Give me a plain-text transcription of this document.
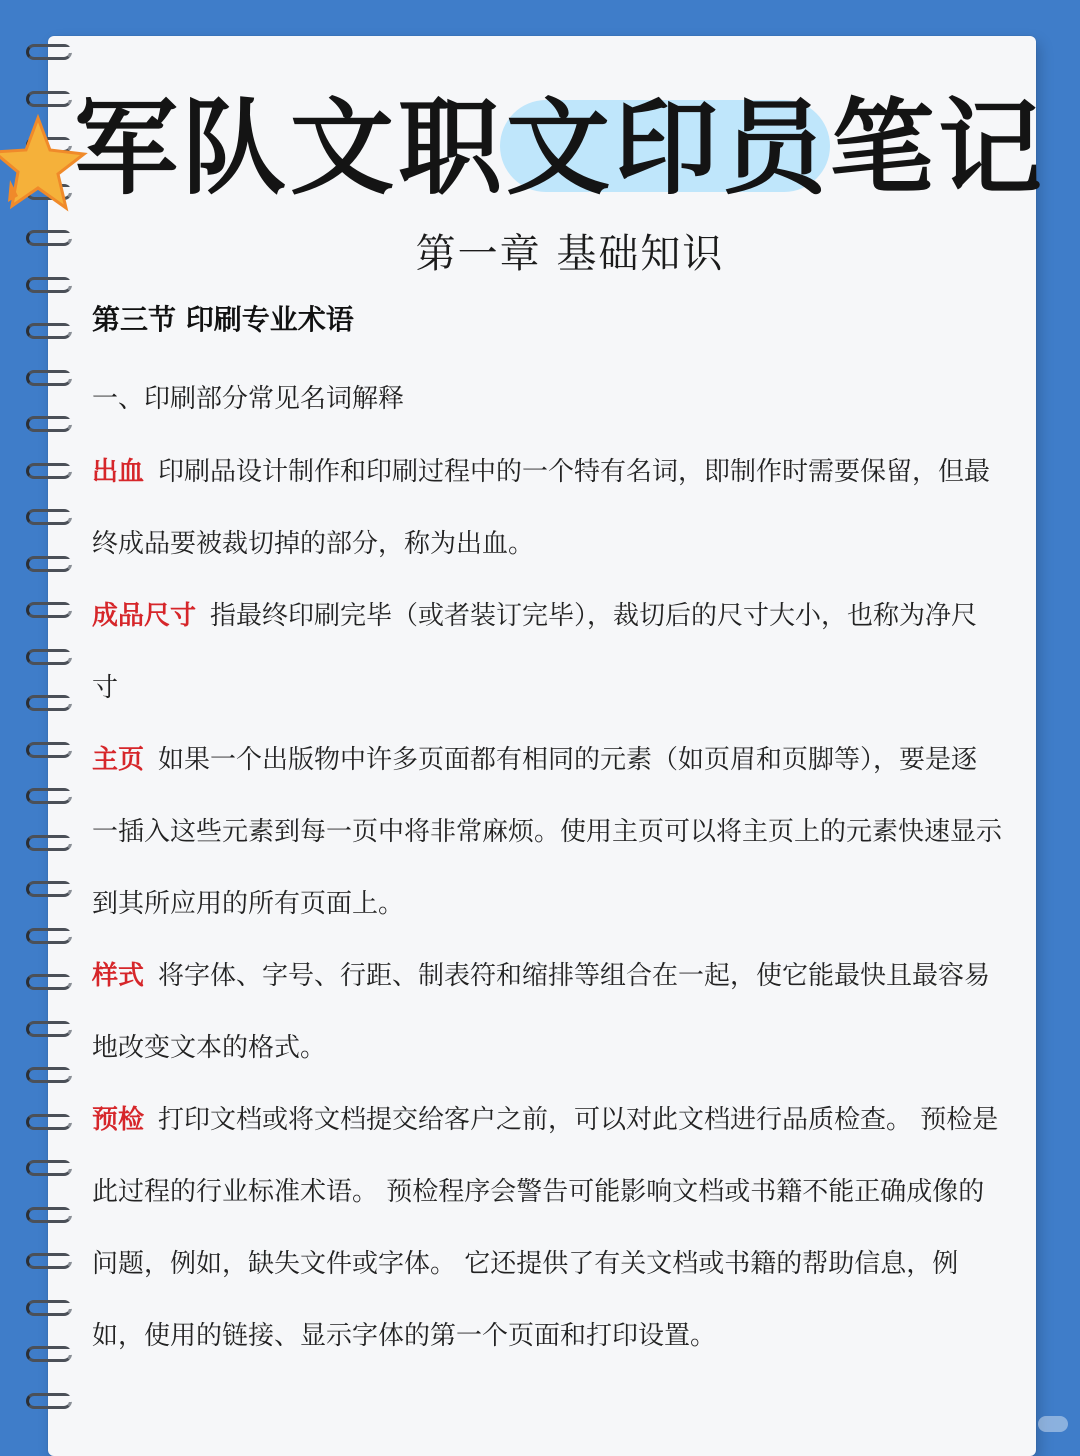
军队文职文印员笔记
第一章 基础知识
第三节 印刷专业术语
一、印刷部分常见名词解释

出血 印刷品设计制作和印刷过程中的一个特有名词，即制作时需要保留，但最终成品要被裁切掉的部分，称为出血。

成品尺寸 指最终印刷完毕（或者装订完毕），裁切后的尺寸大小，也称为净尺寸

主页 如果一个出版物中许多页面都有相同的元素（如页眉和页脚等），要是逐一插入这些元素到每一页中将非常麻烦。使用主页可以将主页上的元素快速显示到其所应用的所有页面上。

样式 将字体、字号、行距、制表符和缩排等组合在一起，使它能最快且最容易地改变文本的格式。

预检 打印文档或将文档提交给客户之前，可以对此文档进行品质检查。 预检是此过程的行业标准术语。 预检程序会警告可能影响文档或书籍不能正确成像的问题，例如，缺失文件或字体。 它还提供了有关文档或书籍的帮助信息，例如，使用的链接、显示字体的第一个页面和打印设置。
